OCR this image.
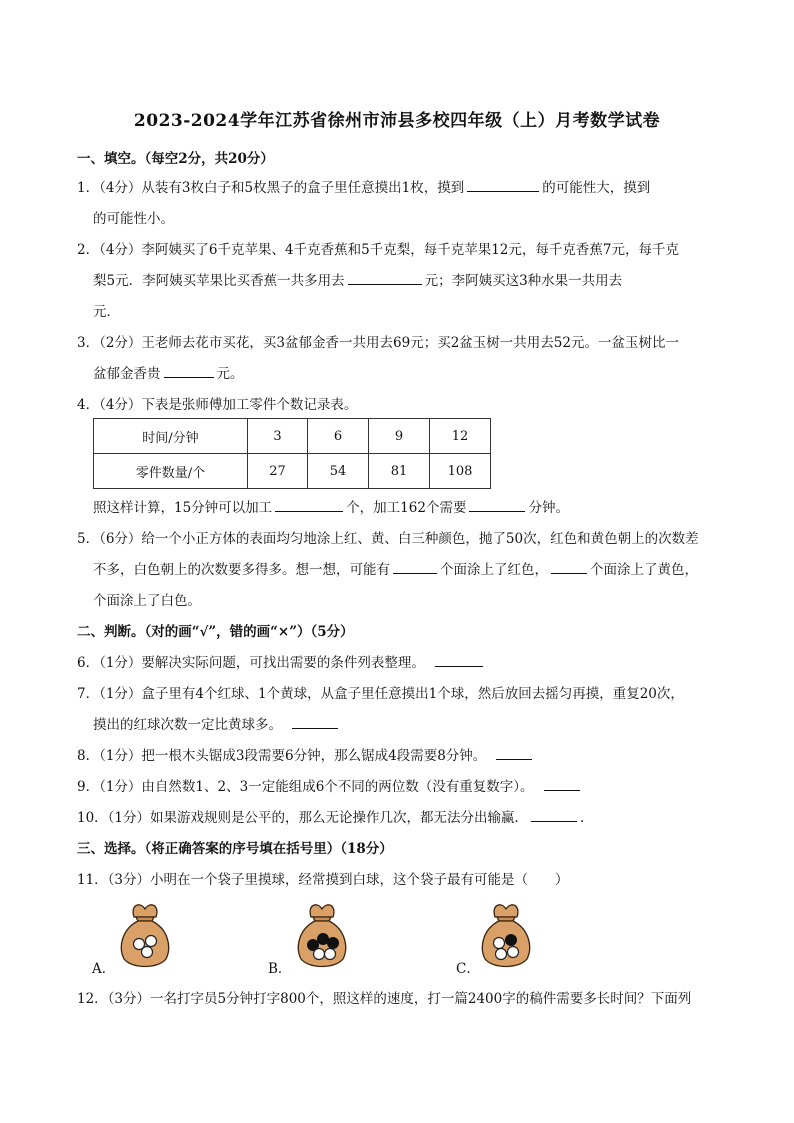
2023-2024学年江苏省徐州市沛县多校四年级（上）月考数学试卷
一、填空。（每空2分，共20分）
1．（4分）从装有3枚白子和5枚黑子的盒子里任意摸出1枚，摸到	的可能性大，摸到
的可能性小。
2．（4分）李阿姨买了6千克苹果、4千克香蕉和5千克梨，每千克苹果12元，每千克香蕉7元，每千克
梨5元．李阿姨买苹果比买香蕉一共多用去	元；李阿姨买这3种水果一共用去
元．
3．（2分）王老师去花市买花，买3盆郁金香一共用去69元；买2盆玉树一共用去52元。一盆玉树比一
盆郁金香贵	元。
4．（4分）下表是张师傅加工零件个数记录表。
时间/分钟	3	6	9	12
零件数量/个	27	54	81	108
照这样计算，15分钟可以加工	个，加工162个需要	分钟。
5．（6分）给一个小正方体的表面均匀地涂上红、黄、白三种颜色，抛了50次，红色和黄色朝上的次数差
不多，白色朝上的次数要多得多。想一想，可能有	个面涂上了红色，	个面涂上了黄色，
个面涂上了白色。
二、判断。（对的画“√”，错的画“×”）（5分）
6．（1分）要解决实际问题，可找出需要的条件列表整理。
7．（1分）盒子里有4个红球、1个黄球，从盒子里任意摸出1个球，然后放回去摇匀再摸，重复20次，
摸出的红球次数一定比黄球多。
8．（1分）把一根木头锯成3段需要6分钟，那么锯成4段需要8分钟。
9．（1分）由自然数1、2、3一定能组成6个不同的两位数（没有重复数字）。
10．（1分）如果游戏规则是公平的，那么无论操作几次，都无法分出输赢．	.
三、选择。（将正确答案的序号填在括号里）（18分）
11．（3分）小明在一个袋子里摸球，经常摸到白球，这个袋子最有可能是（　　）
A．	B．	C．
12．（3分）一名打字员5分钟打字800个，照这样的速度，打一篇2400字的稿件需要多长时间？下面列
